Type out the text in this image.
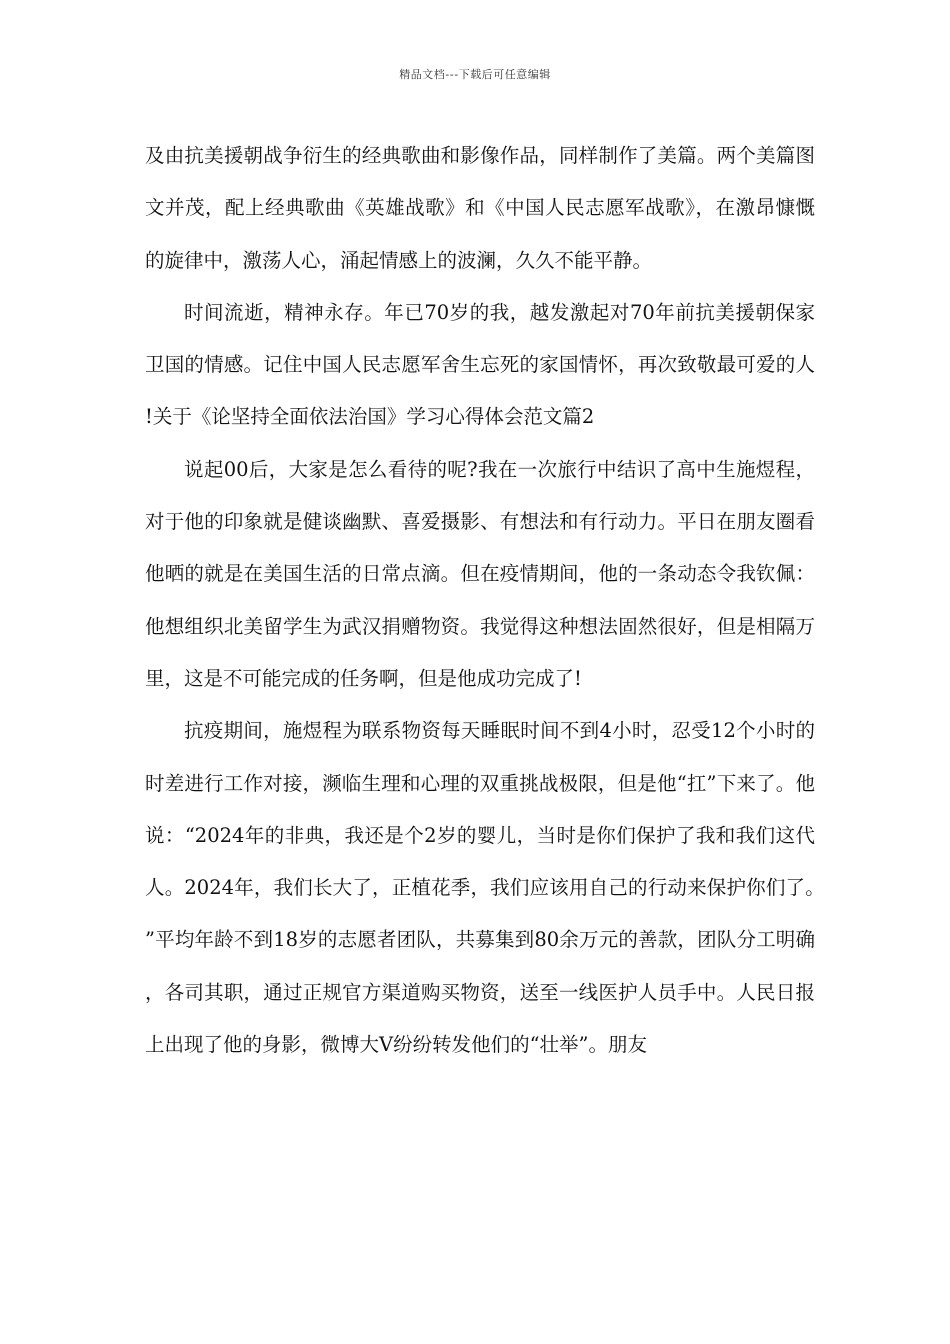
精品文档---下载后可任意编辑

及由抗美援朝战争衍生的经典歌曲和影像作品，同样制作了美篇。两个美篇图文并茂，配上经典歌曲《英雄战歌》和《中国人民志愿军战歌》，在激昂慷慨的旋律中，激荡人心，涌起情感上的波澜，久久不能平静。

时间流逝，精神永存。年已70岁的我，越发激起对70年前抗美援朝保家卫国的情感。记住中国人民志愿军舍生忘死的家国情怀，再次致敬最可爱的人!关于《论坚持全面依法治国》学习心得体会范文篇2

说起00后，大家是怎么看待的呢?我在一次旅行中结识了高中生施煜程，对于他的印象就是健谈幽默、喜爱摄影、有想法和有行动力。平日在朋友圈看他晒的就是在美国生活的日常点滴。但在疫情期间，他的一条动态令我钦佩：他想组织北美留学生为武汉捐赠物资。我觉得这种想法固然很好，但是相隔万里，这是不可能完成的任务啊，但是他成功完成了!

抗疫期间，施煜程为联系物资每天睡眠时间不到4小时，忍受12个小时的时差进行工作对接，濒临生理和心理的双重挑战极限，但是他“扛”下来了。他说：“2024年的非典，我还是个2岁的婴儿，当时是你们保护了我和我们这代人。2024年，我们长大了，正植花季，我们应该用自己的行动来保护你们了。”平均年龄不到18岁的志愿者团队，共募集到80余万元的善款，团队分工明确，各司其职，通过正规官方渠道购买物资，送至一线医护人员手中。人民日报上出现了他的身影，微博大V纷纷转发他们的“壮举”。朋友
